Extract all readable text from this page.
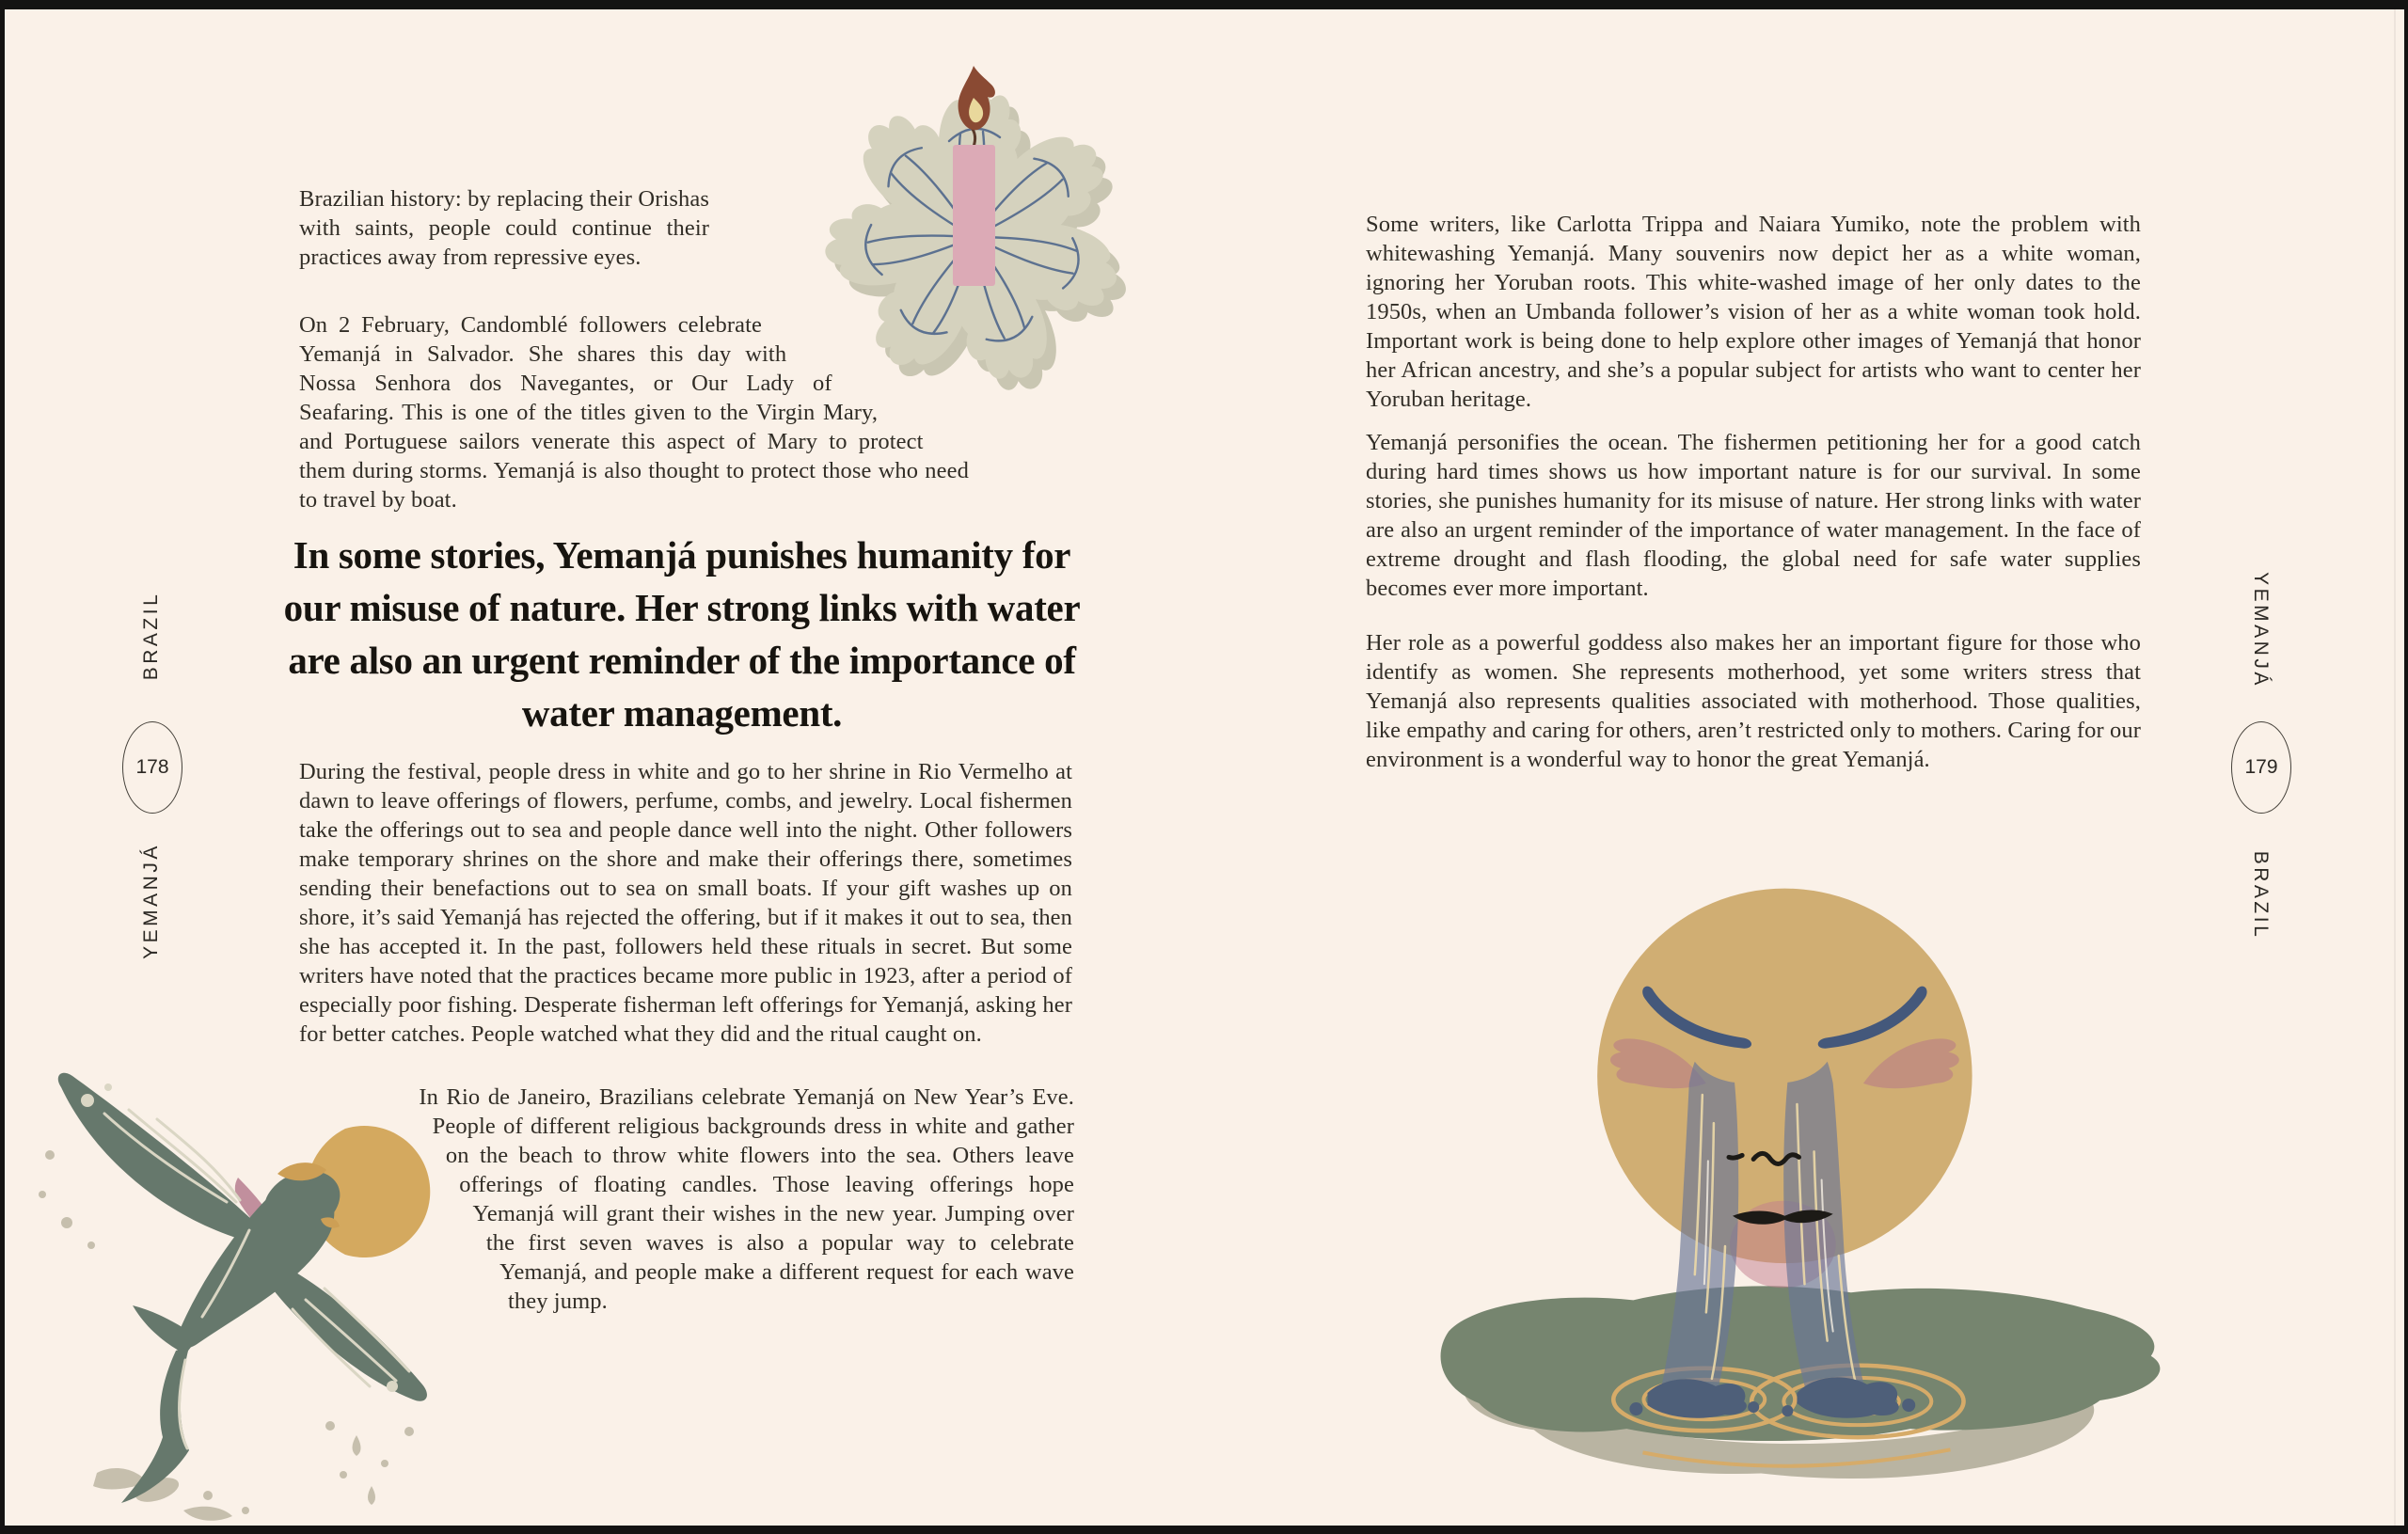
BRAZIL
178
YEMANJÁ
Brazilian history: by replacing their Orishas with saints, people could continue their practices away from repressive eyes.
On 2 February, Candomblé followers celebrate Yemanjá in Salvador. She shares this day with Nossa Senhora dos Navegantes, or Our Lady of Seafaring. This is one of the titles given to the Virgin Mary, and Portuguese sailors venerate this aspect of Mary to protect them during storms. Yemanjá is also thought to protect those who need to travel by boat.
In some stories, Yemanjá punishes humanity for our misuse of nature. Her strong links with water are also an urgent reminder of the importance of water management.
During the festival, people dress in white and go to her shrine in Rio Vermelho at dawn to leave offerings of flowers, perfume, combs, and jewelry. Local fishermen take the offerings out to sea and people dance well into the night. Other followers make temporary shrines on the shore and make their offerings there, sometimes sending their benefactions out to sea on small boats. If your gift washes up on shore, it’s said Yemanjá has rejected the offering, but if it makes it out to sea, then she has accepted it. In the past, followers held these rituals in secret. But some writers have noted that the practices became more public in 1923, after a period of especially poor fishing. Desperate fisherman left offerings for Yemanjá, asking her for better catches. People watched what they did and the ritual caught on.
In Rio de Janeiro, Brazilians celebrate Yemanjá on New Year’s Eve. People of different religious backgrounds dress in white and gather on the beach to throw white flowers into the sea. Others leave offerings of floating candles. Those leaving offerings hope Yemanjá will grant their wishes in the new year. Jumping over the first seven waves is also a popular way to celebrate Yemanjá, and people make a different request for each wave they jump.
YEMANJÁ
179
BRAZIL
Some writers, like Carlotta Trippa and Naiara Yumiko, note the problem with whitewashing Yemanjá. Many souvenirs now depict her as a white woman, ignoring her Yoruban roots. This white-washed image of her only dates to the 1950s, when an Umbanda follower’s vision of her as a white woman took hold. Important work is being done to help explore other images of Yemanjá that honor her African ancestry, and she’s a popular subject for artists who want to center her Yoruban heritage.
Yemanjá personifies the ocean. The fishermen petitioning her for a good catch during hard times shows us how important nature is for our survival. In some stories, she punishes humanity for its misuse of nature. Her strong links with water are also an urgent reminder of the importance of water management. In the face of extreme drought and flash flooding, the global need for safe water supplies becomes ever more important.
Her role as a powerful goddess also makes her an important figure for those who identify as women. She represents motherhood, yet some writers stress that Yemanjá also represents qualities associated with motherhood. Those qualities, like empathy and caring for others, aren’t restricted only to mothers. Caring for our environment is a wonderful way to honor the great Yemanjá.
